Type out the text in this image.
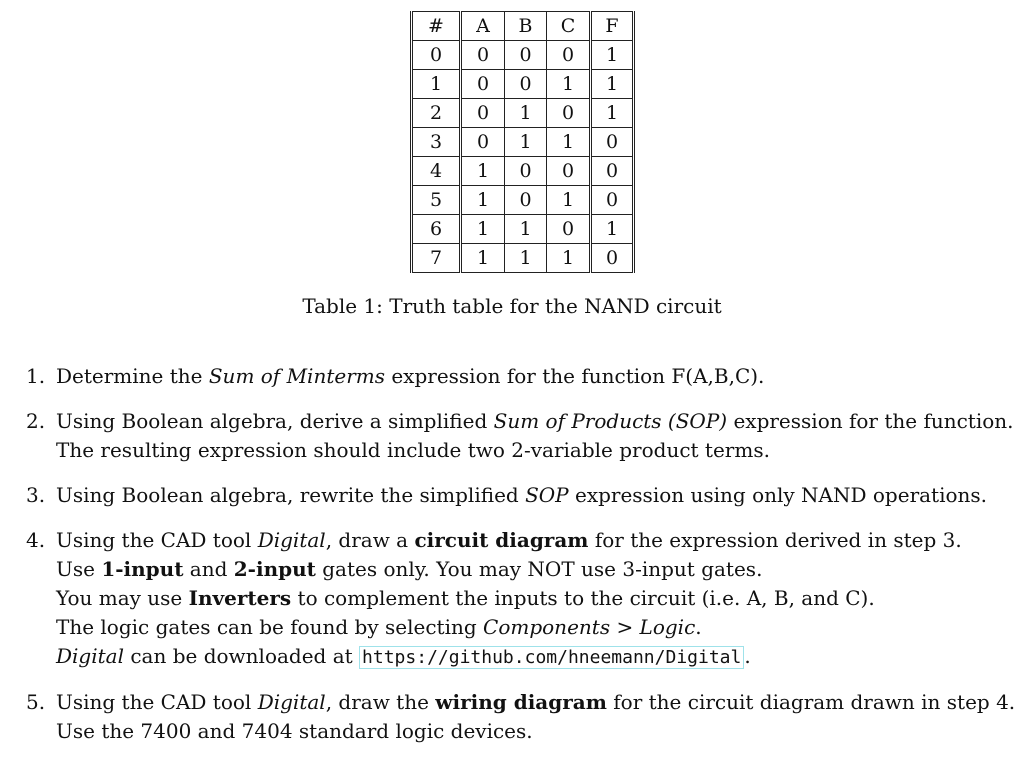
#	A	B	C	F
0	0	0	0	1
1	0	0	1	1
2	0	1	0	1
3	0	1	1	0
4	1	0	0	0
5	1	0	1	0
6	1	1	0	1
7	1	1	1	0
Table 1: Truth table for the NAND circuit
1. Determine the Sum of Minterms expression for the function F(A,B,C).
2. Using Boolean algebra, derive a simplified Sum of Products (SOP) expression for the function.
The resulting expression should include two 2-variable product terms.
3. Using Boolean algebra, rewrite the simplified SOP expression using only NAND operations.
4. Using the CAD tool Digital, draw a circuit diagram for the expression derived in step 3.
Use 1-input and 2-input gates only. You may NOT use 3-input gates.
You may use Inverters to complement the inputs to the circuit (i.e. A, B, and C).
The logic gates can be found by selecting Components > Logic.
Digital can be downloaded at https://github.com/hneemann/Digital .
5. Using the CAD tool Digital, draw the wiring diagram for the circuit diagram drawn in step 4.
Use the 7400 and 7404 standard logic devices.
